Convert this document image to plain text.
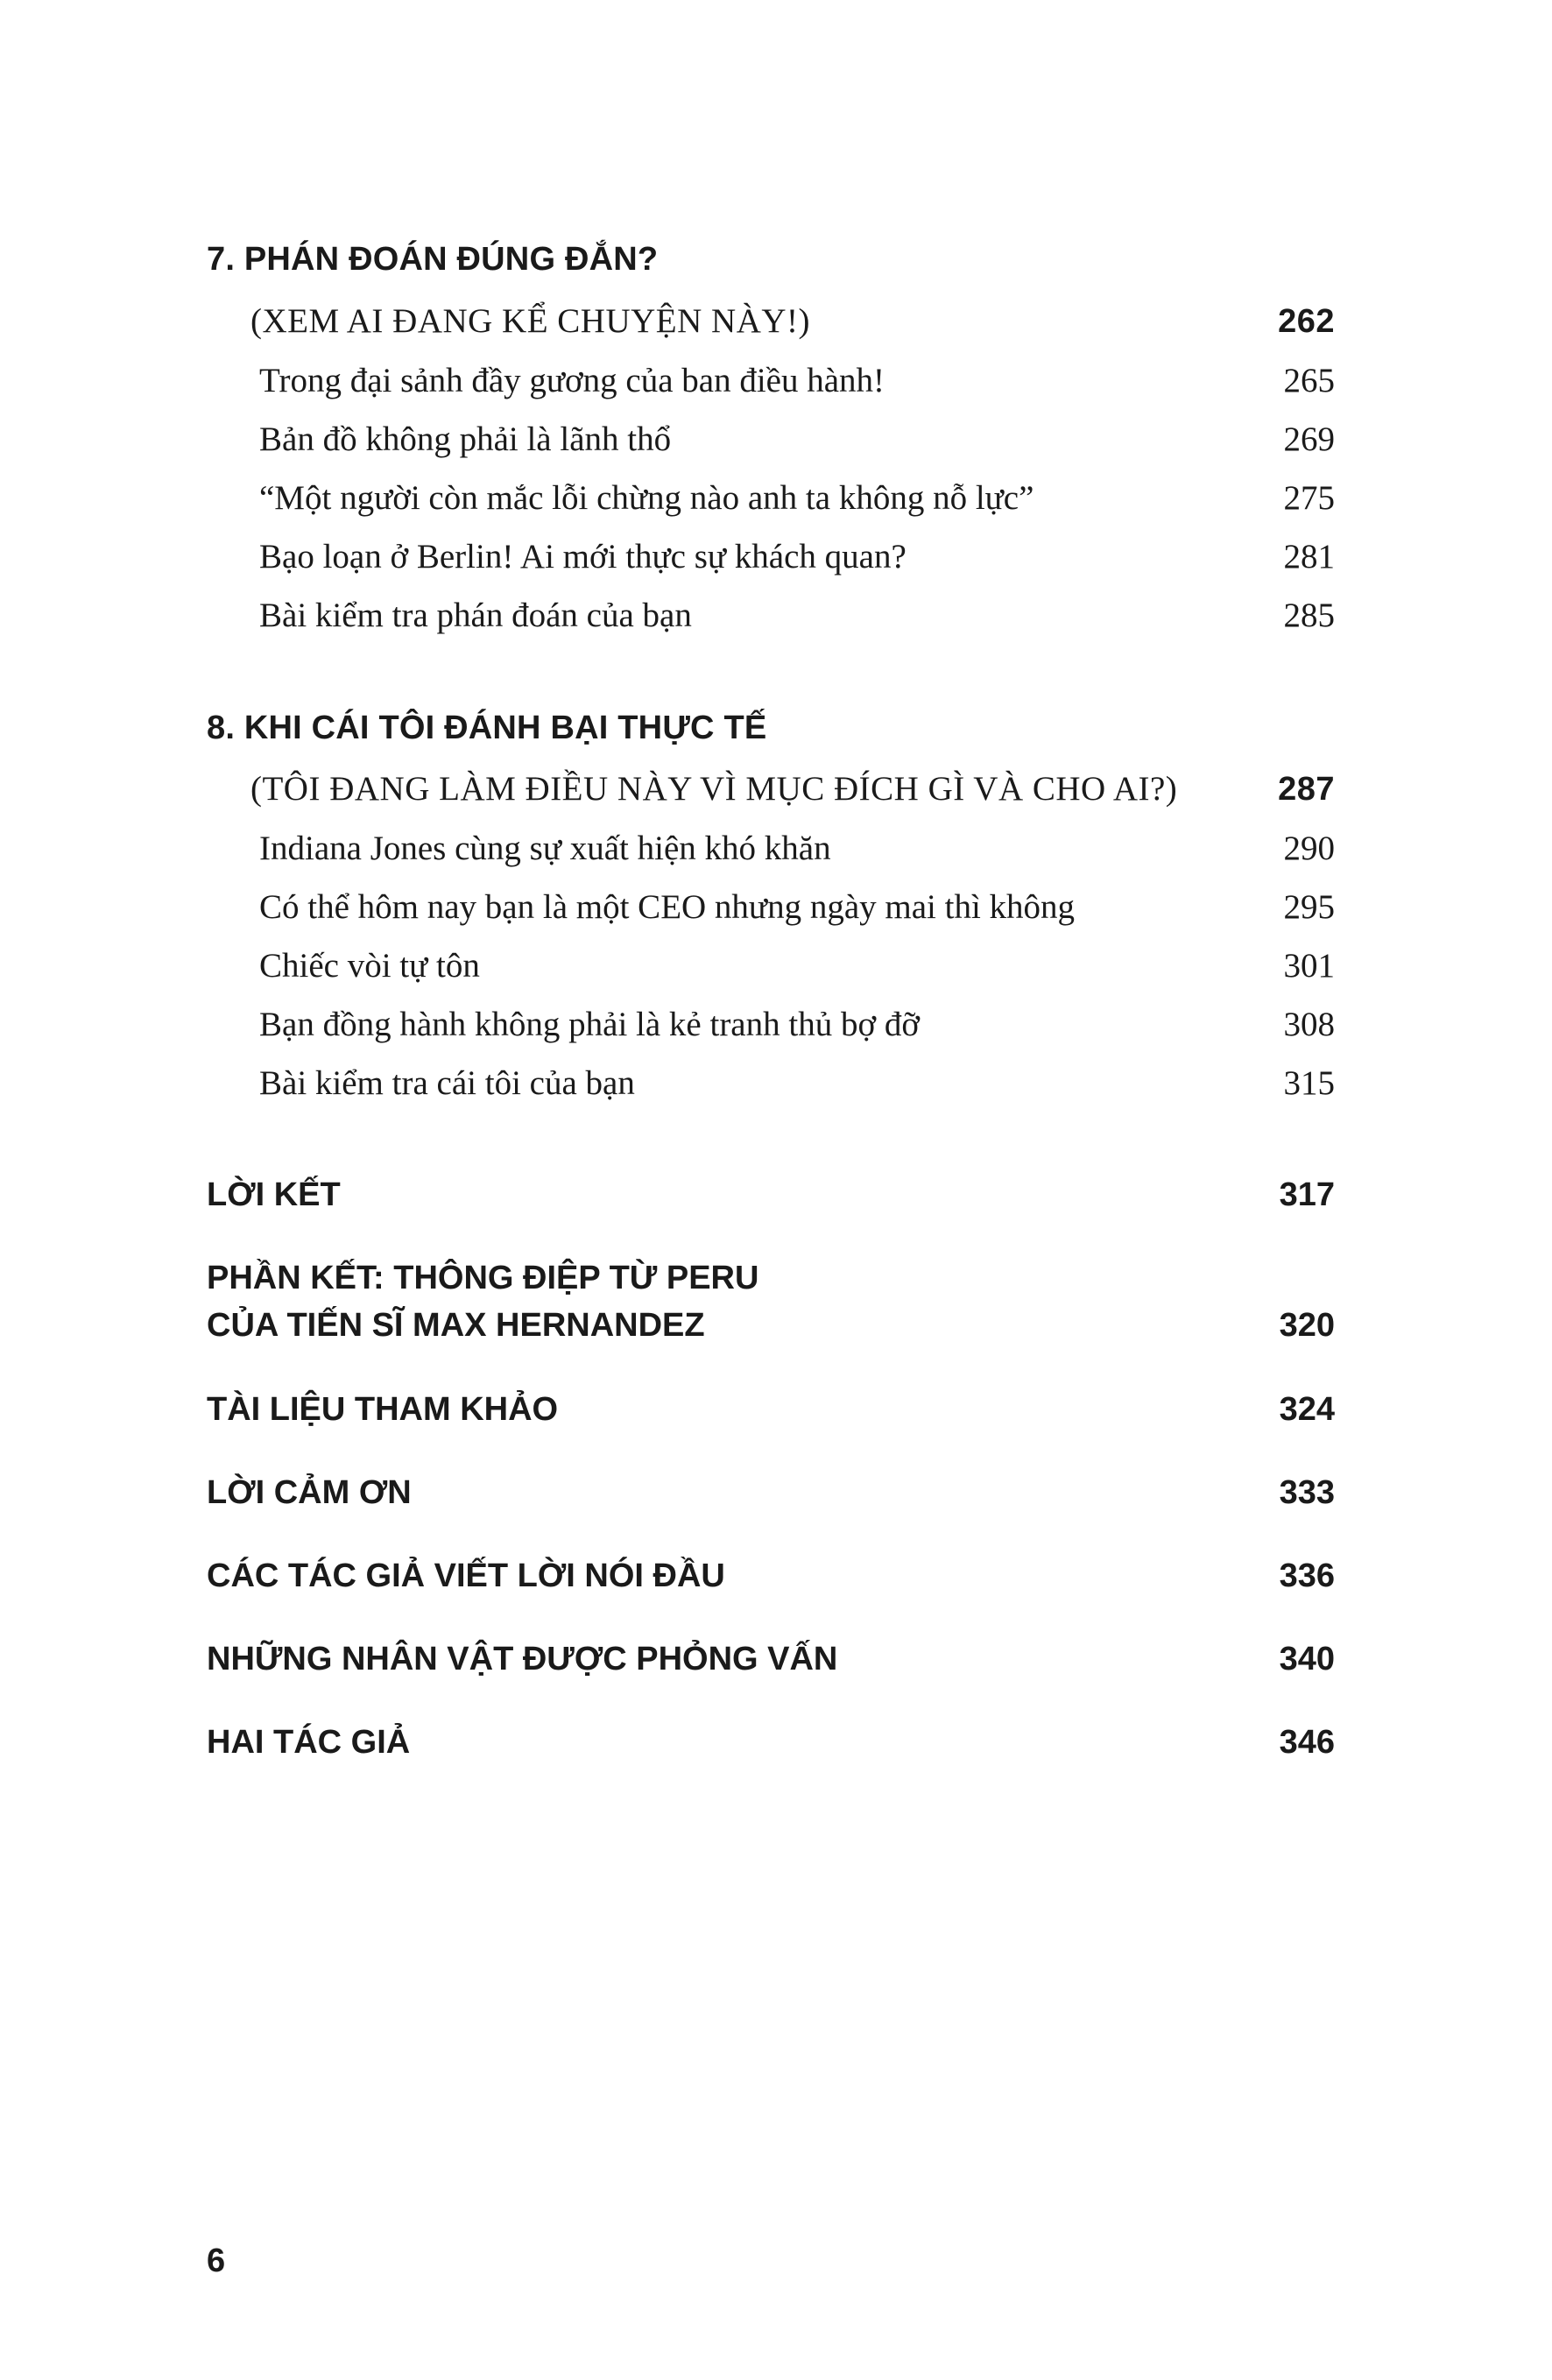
7. PHÁN ĐOÁN ĐÚNG ĐẮN?
(XEM AI ĐANG KỂ CHUYỆN NÀY!)	262
Trong đại sảnh đầy gương của ban điều hành!	265
Bản đồ không phải là lãnh thổ	269
“Một người còn mắc lỗi chừng nào anh ta không nỗ lực”	275
Bạo loạn ở Berlin! Ai mới thực sự khách quan?	281
Bài kiểm tra phán đoán của bạn	285
8. KHI CÁI TÔI ĐÁNH BẠI THỰC TẾ
(TÔI ĐANG LÀM ĐIỀU NÀY VÌ MỤC ĐÍCH GÌ VÀ CHO AI?)	287
Indiana Jones cùng sự xuất hiện khó khăn	290
Có thể hôm nay bạn là một CEO nhưng ngày mai thì không	295
Chiếc vòi tự tôn	301
Bạn đồng hành không phải là kẻ tranh thủ bợ đỡ	308
Bài kiểm tra cái tôi của bạn	315
LỜI KẾT	317
PHẦN KẾT: THÔNG ĐIỆP TỪ PERU
CỦA TIẾN SĨ MAX HERNANDEZ	320
TÀI LIỆU THAM KHẢO	324
LỜI CẢM ƠN	333
CÁC TÁC GIẢ VIẾT LỜI NÓI ĐẦU	336
NHỮNG NHÂN VẬT ĐƯỢC PHỎNG VẤN	340
HAI TÁC GIẢ	346
6
